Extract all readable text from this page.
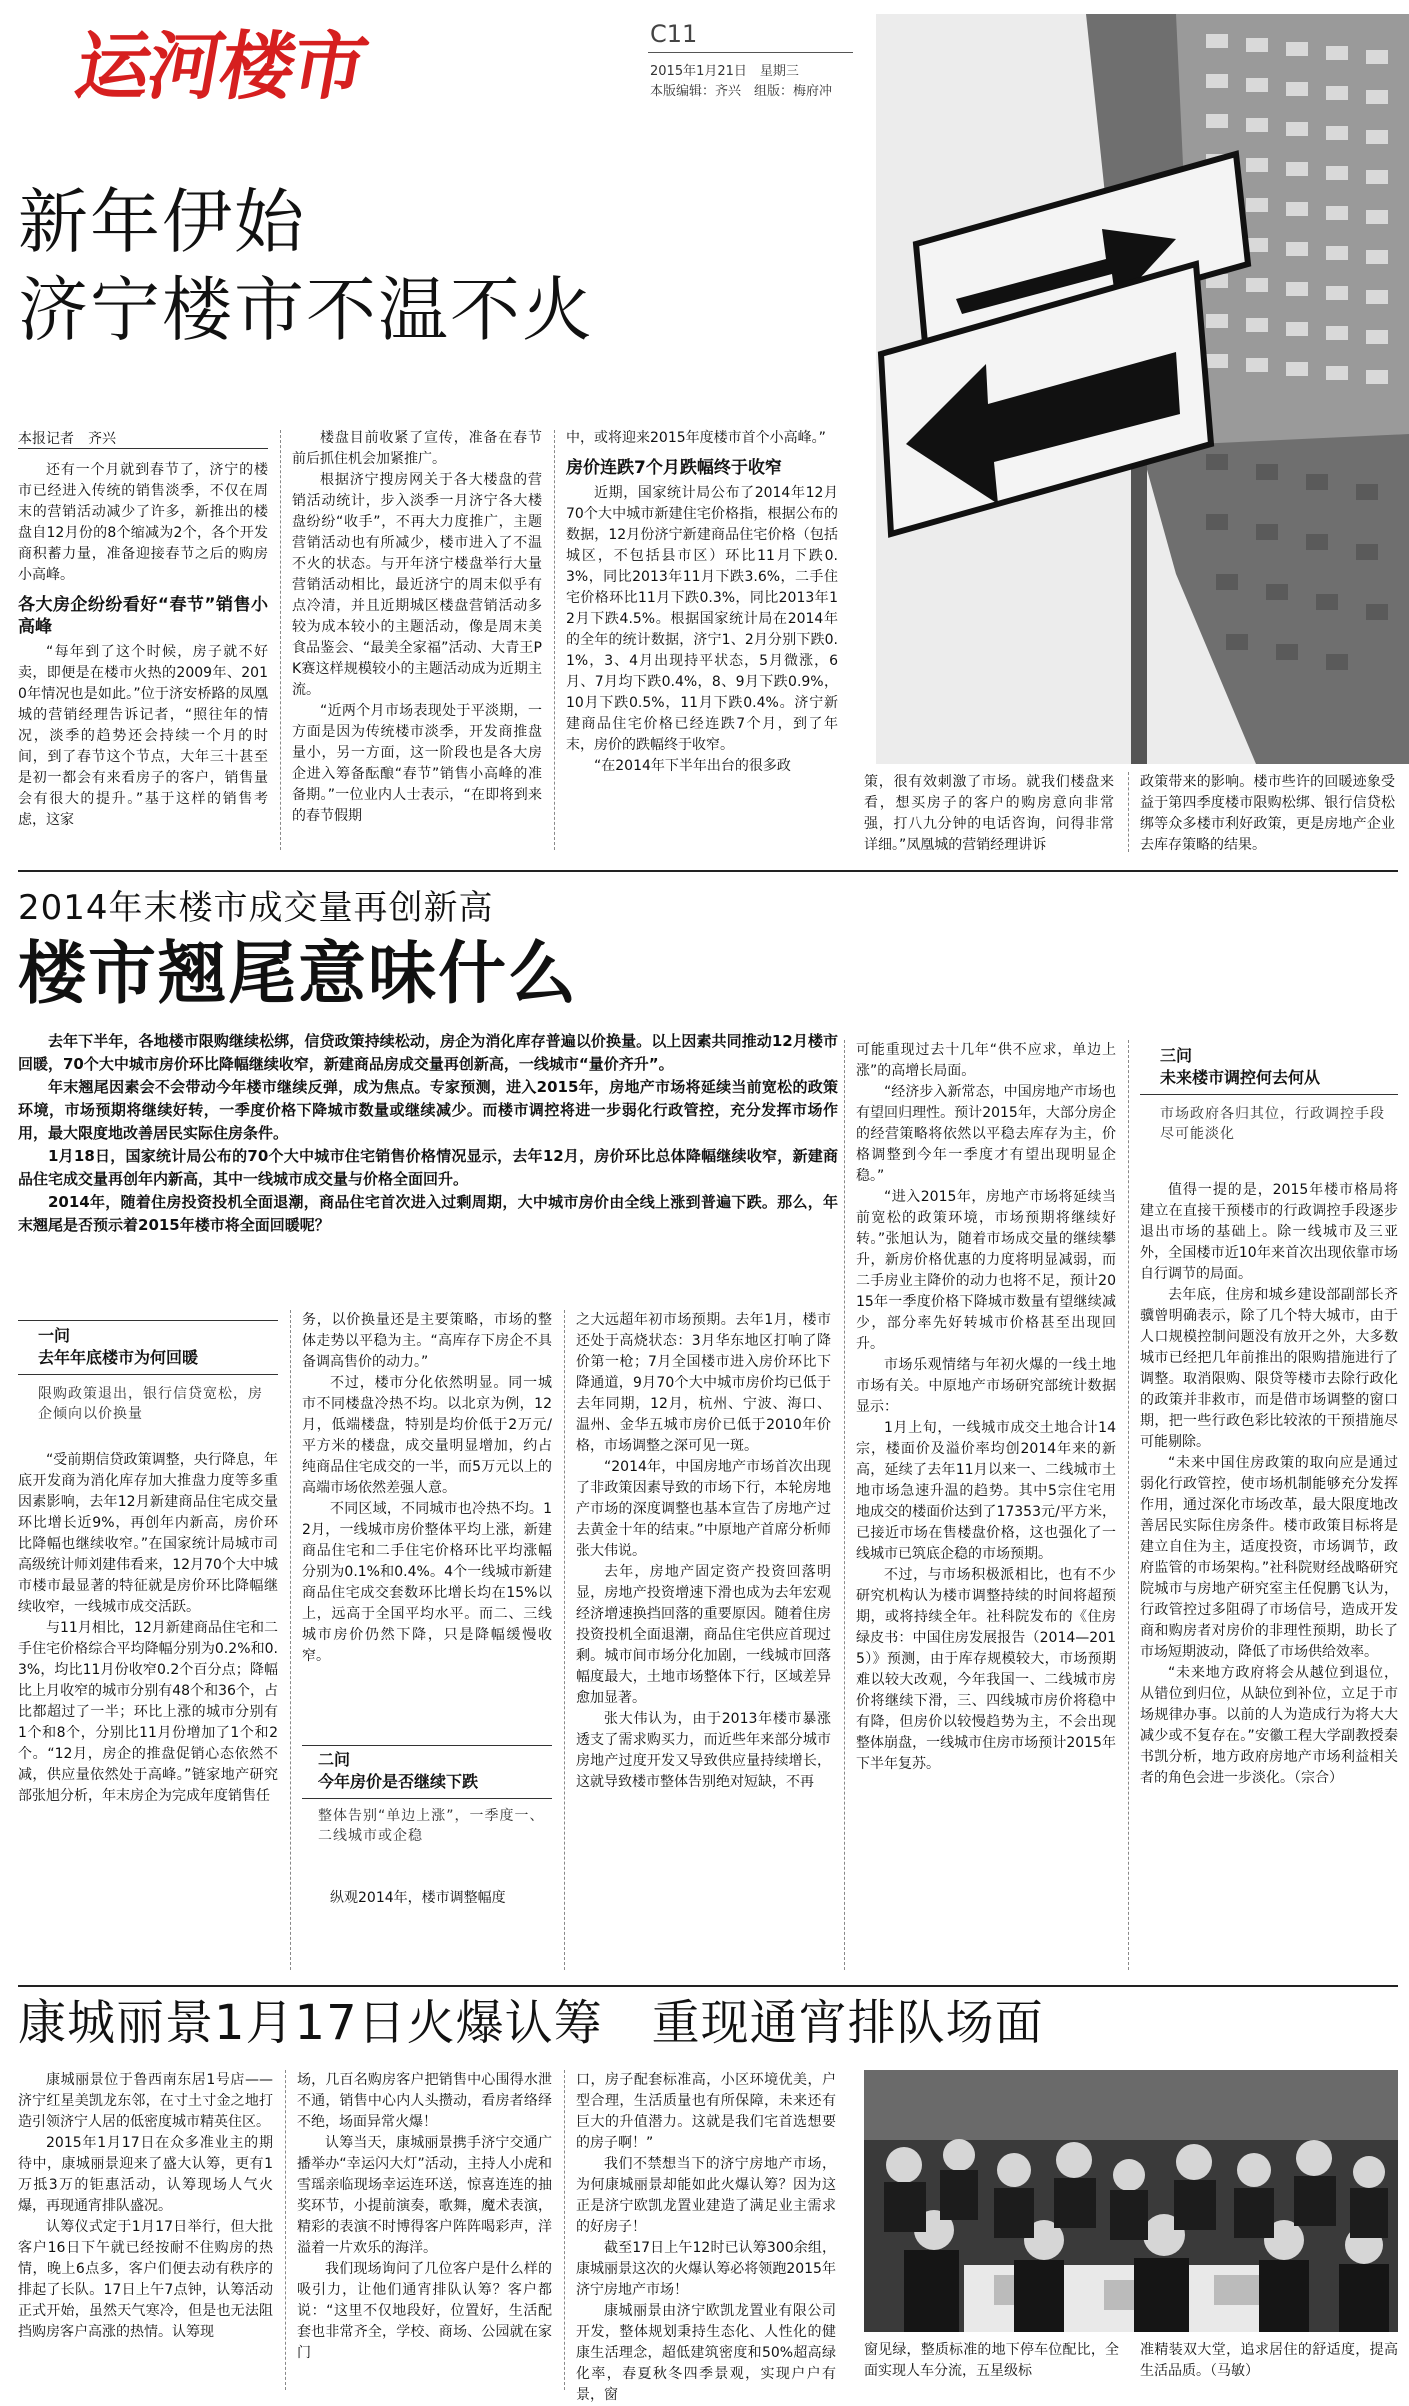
运河楼市	C11
2015年1月21日　星期三
本版编辑：齐兴　组版：梅府冲
新年伊始
济宁楼市不温不火
本报记者　齐兴

还有一个月就到春节了，济宁的楼市已经进入传统的销售淡季，不仅在周末的营销活动减少了许多，新推出的楼盘自12月份的8个缩减为2个，各个开发商积蓄力量，准备迎接春节之后的购房小高峰。

各大房企纷纷看好“春节”销售小高峰

“每年到了这个时候，房子就不好卖，即便是在楼市火热的2009年、2010年情况也是如此。”位于济安桥路的凤凰城的营销经理告诉记者，“照往年的情况，淡季的趋势还会持续一个月的时间，到了春节这个节点，大年三十甚至是初一都会有来看房子的客户，销售量会有很大的提升。”基于这样的销售考虑，这家

楼盘目前收紧了宣传，准备在春节前后抓住机会加紧推广。

根据济宁搜房网关于各大楼盘的营销活动统计，步入淡季一月济宁各大楼盘纷纷“收手”，不再大力度推广，主题营销活动也有所减少，楼市进入了不温不火的状态。与开年济宁楼盘举行大量营销活动相比，最近济宁的周末似乎有点冷清，并且近期城区楼盘营销活动多较为成本较小的主题活动，像是周末美食品鉴会、“最美全家福”活动、大青王PK赛这样规模较小的主题活动成为近期主流。

“近两个月市场表现处于平淡期，一方面是因为传统楼市淡季，开发商推盘量小，另一方面，这一阶段也是各大房企进入筹备酝酿“春节”销售小高峰的准备期。”一位业内人士表示，“在即将到来的春节假期

中，或将迎来2015年度楼市首个小高峰。”

房价连跌7个月跌幅终于收窄

近期，国家统计局公布了2014年12月70个大中城市新建住宅价格指，根据公布的数据，12月份济宁新建商品住宅价格（包括城区，不包括县市区）环比11月下跌0.3%，同比2013年11月下跌3.6%，二手住宅价格环比11月下跌0.3%，同比2013年12月下跌4.5%。根据国家统计局在2014年的全年的统计数据，济宁1、2月分别下跌0.1%，3、4月出现持平状态，5月微涨，6月、7月均下跌0.4%，8、9月下跌0.9%，10月下跌0.5%，11月下跌0.4%。济宁新建商品住宅价格已经连跌7个月，到了年末，房价的跌幅终于收窄。

“在2014年下半年出台的很多政

策，很有效刺激了市场。就我们楼盘来看，想买房子的客户的购房意向非常强，打八九分钟的电话咨询，问得非常详细。”凤凰城的营销经理讲诉

政策带来的影响。楼市些许的回暖迹象受益于第四季度楼市限购松绑、银行信贷松绑等众多楼市利好政策，更是房地产企业去库存策略的结果。

2014年末楼市成交量再创新高
楼市翘尾意味什么

去年下半年，各地楼市限购继续松绑，信贷政策持续松动，房企为消化库存普遍以价换量。以上因素共同推动12月楼市回暖，70个大中城市房价环比降幅继续收窄，新建商品房成交量再创新高，一线城市“量价齐升”。

年末翘尾因素会不会带动今年楼市继续反弹，成为焦点。专家预测，进入2015年，房地产市场将延续当前宽松的政策环境，市场预期将继续好转，一季度价格下降城市数量或继续减少。而楼市调控将进一步弱化行政管控，充分发挥市场作用，最大限度地改善居民实际住房条件。

1月18日，国家统计局公布的70个大中城市住宅销售价格情况显示，去年12月，房价环比总体降幅继续收窄，新建商品住宅成交量再创年内新高，其中一线城市成交量与价格全面回升。

2014年，随着住房投资投机全面退潮，商品住宅首次进入过剩周期，大中城市房价由全线上涨到普遍下跌。那么，年末翘尾是否预示着2015年楼市将全面回暖呢？

一问
去年年底楼市为何回暖
限购政策退出，银行信贷宽松，房企倾向以价换量

“受前期信贷政策调整，央行降息，年底开发商为消化库存加大推盘力度等多重因素影响，去年12月新建商品住宅成交量环比增长近9%，再创年内新高，房价环比降幅也继续收窄。”在国家统计局城市司高级统计师刘建伟看来，12月70个大中城市楼市最显著的特征就是房价环比降幅继续收窄，一线城市成交活跃。

与11月相比，12月新建商品住宅和二手住宅价格综合平均降幅分别为0.2%和0.3%，均比11月份收窄0.2个百分点；降幅比上月收窄的城市分别有48个和36个，占比都超过了一半；环比上涨的城市分别有1个和8个，分别比11月份增加了1个和2个。“12月，房企的推盘促销心态依然不减，供应量依然处于高峰。”链家地产研究部张旭分析，年末房企为完成年度销售任

务，以价换量还是主要策略，市场的整体走势以平稳为主。“高库存下房企不具备调高售价的动力。”

不过，楼市分化依然明显。同一城市不同楼盘冷热不均。以北京为例，12月，低端楼盘，特别是均价低于2万元/平方米的楼盘，成交量明显增加，约占纯商品住宅成交的一半，而5万元以上的高端市场依然差强人意。

不同区域，不同城市也冷热不均。12月，一线城市房价整体平均上涨，新建商品住宅和二手住宅价格环比平均涨幅分别为0.1%和0.4%。4个一线城市新建商品住宅成交套数环比增长均在15%以上，远高于全国平均水平。而二、三线城市房价仍然下降，只是降幅缓慢收窄。

二问
今年房价是否继续下跌
整体告别“单边上涨”，一季度一、二线城市或企稳

纵观2014年，楼市调整幅度

之大远超年初市场预期。去年1月，楼市还处于高烧状态：3月华东地区打响了降价第一枪；7月全国楼市进入房价环比下降通道，9月70个大中城市房价均已低于去年同期，12月，杭州、宁波、海口、温州、金华五城市房价已低于2010年价格，市场调整之深可见一斑。

“2014年，中国房地产市场首次出现了非政策因素导致的市场下行，本轮房地产市场的深度调整也基本宣告了房地产过去黄金十年的结束。”中原地产首席分析师张大伟说。

去年，房地产固定资产投资回落明显，房地产投资增速下滑也成为去年宏观经济增速换挡回落的重要原因。随着住房投资投机全面退潮，商品住宅供应首现过剩。城市间市场分化加剧，一线城市回落幅度最大，土地市场整体下行，区域差异愈加显著。

张大伟认为，由于2013年楼市暴涨透支了需求购买力，而近些年来部分城市房地产过度开发又导致供应量持续增长，这就导致楼市整体告别绝对短缺，不再

可能重现过去十几年“供不应求，单边上涨”的高增长局面。

“经济步入新常态，中国房地产市场也有望回归理性。预计2015年，大部分房企的经营策略将依然以平稳去库存为主，价格调整到今年一季度才有望出现明显企稳。”

“进入2015年，房地产市场将延续当前宽松的政策环境，市场预期将继续好转。”张旭认为，随着市场成交量的继续攀升，新房价格优惠的力度将明显减弱，而二手房业主降价的动力也将不足，预计2015年一季度价格下降城市数量有望继续减少，部分率先好转城市价格甚至出现回升。

市场乐观情绪与年初火爆的一线土地市场有关。中原地产市场研究部统计数据显示：

1月上旬，一线城市成交土地合计14宗，楼面价及溢价率均创2014年来的新高，延续了去年11月以来一、二线城市土地市场急速升温的趋势。其中5宗住宅用地成交的楼面价达到了17353元/平方米，已接近市场在售楼盘价格，这也强化了一线城市已筑底企稳的市场预期。

不过，与市场积极派相比，也有不少研究机构认为楼市调整持续的时间将超预期，或将持续全年。社科院发布的《住房绿皮书：中国住房发展报告（2014—2015）》预测，由于库存规模较大，市场预期难以较大改观，今年我国一、二线城市房价将继续下滑，三、四线城市房价将稳中有降，但房价以较慢趋势为主，不会出现整体崩盘，一线城市住房市场预计2015年下半年复苏。

三问
未来楼市调控何去何从
市场政府各归其位，行政调控手段尽可能淡化

值得一提的是，2015年楼市格局将建立在直接干预楼市的行政调控手段逐步退出市场的基础上。除一线城市及三亚外，全国楼市近10年来首次出现依靠市场自行调节的局面。

去年底，住房和城乡建设部副部长齐骥曾明确表示，除了几个特大城市，由于人口规模控制问题没有放开之外，大多数城市已经把几年前推出的限购措施进行了调整。取消限购、限贷等楼市去除行政化的政策并非救市，而是借市场调整的窗口期，把一些行政色彩比较浓的干预措施尽可能剔除。

“未来中国住房政策的取向应是通过弱化行政管控，使市场机制能够充分发挥作用，通过深化市场改革，最大限度地改善居民实际住房条件。楼市政策目标将是建立自住为主，适度投资，市场调节，政府监管的市场架构。”社科院财经战略研究院城市与房地产研究室主任倪鹏飞认为，行政管控过多阻碍了市场信号，造成开发商和购房者对房价的非理性预期，助长了市场短期波动，降低了市场供给效率。

“未来地方政府将会从越位到退位，从错位到归位，从缺位到补位，立足于市场规律办事。以前的人为造成行为将大大减少或不复存在。”安徽工程大学副教授秦书凯分析，地方政府房地产市场利益相关者的角色会进一步淡化。（宗合）

康城丽景1月17日火爆认筹　重现通宵排队场面

康城丽景位于鲁西南东居1号店——济宁红星美凯龙东邻，在寸土寸金之地打造引领济宁人居的低密度城市精英住区。

2015年1月17日在众多准业主的期待中，康城丽景迎来了盛大认筹，更有1万抵3万的钜惠活动，认筹现场人气火爆，再现通宵排队盛况。

认筹仪式定于1月17日举行，但大批客户16日下午就已经按耐不住购房的热情，晚上6点多，客户们便去动有秩序的排起了长队。17日上午7点钟，认筹活动正式开始，虽然天气寒冷，但是也无法阻挡购房客户高涨的热情。认筹现

场，几百名购房客户把销售中心围得水泄不通，销售中心内人头攒动，看房者络绎不绝，场面异常火爆！

认筹当天，康城丽景携手济宁交通广播举办“幸运闪大灯”活动，主持人小虎和雪瑶亲临现场幸运连环送，惊喜连连的抽奖环节，小提前演奏，歌舞，魔术表演，精彩的表演不时博得客户阵阵喝彩声，洋溢着一片欢乐的海洋。

我们现场询问了几位客户是什么样的吸引力，让他们通宵排队认筹？客户都说：“这里不仅地段好，位置好，生活配套也非常齐全，学校、商场、公园就在家门

口，房子配套标准高，小区环境优美，户型合理，生活质量也有所保障，未来还有巨大的升值潜力。这就是我们宅首选想要的房子啊！”

我们不禁想当下的济宁房地产市场，为何康城丽景却能如此火爆认筹？因为这正是济宁欧凯龙置业建造了满足业主需求的好房子！

截至17日上午12时已认筹300余组，康城丽景这次的火爆认筹必将领跑2015年济宁房地产市场！

康城丽景由济宁欧凯龙置业有限公司开发，整体规划秉持生态化、人性化的健康生活理念，超低建筑密度和50%超高绿化率，春夏秋冬四季景观，实现户户有景，窗

窗见绿，整质标准的地下停车位配比，全面实现人车分流，五星级标

准精装双大堂，追求居住的舒适度，提高生活品质。（马敏）
